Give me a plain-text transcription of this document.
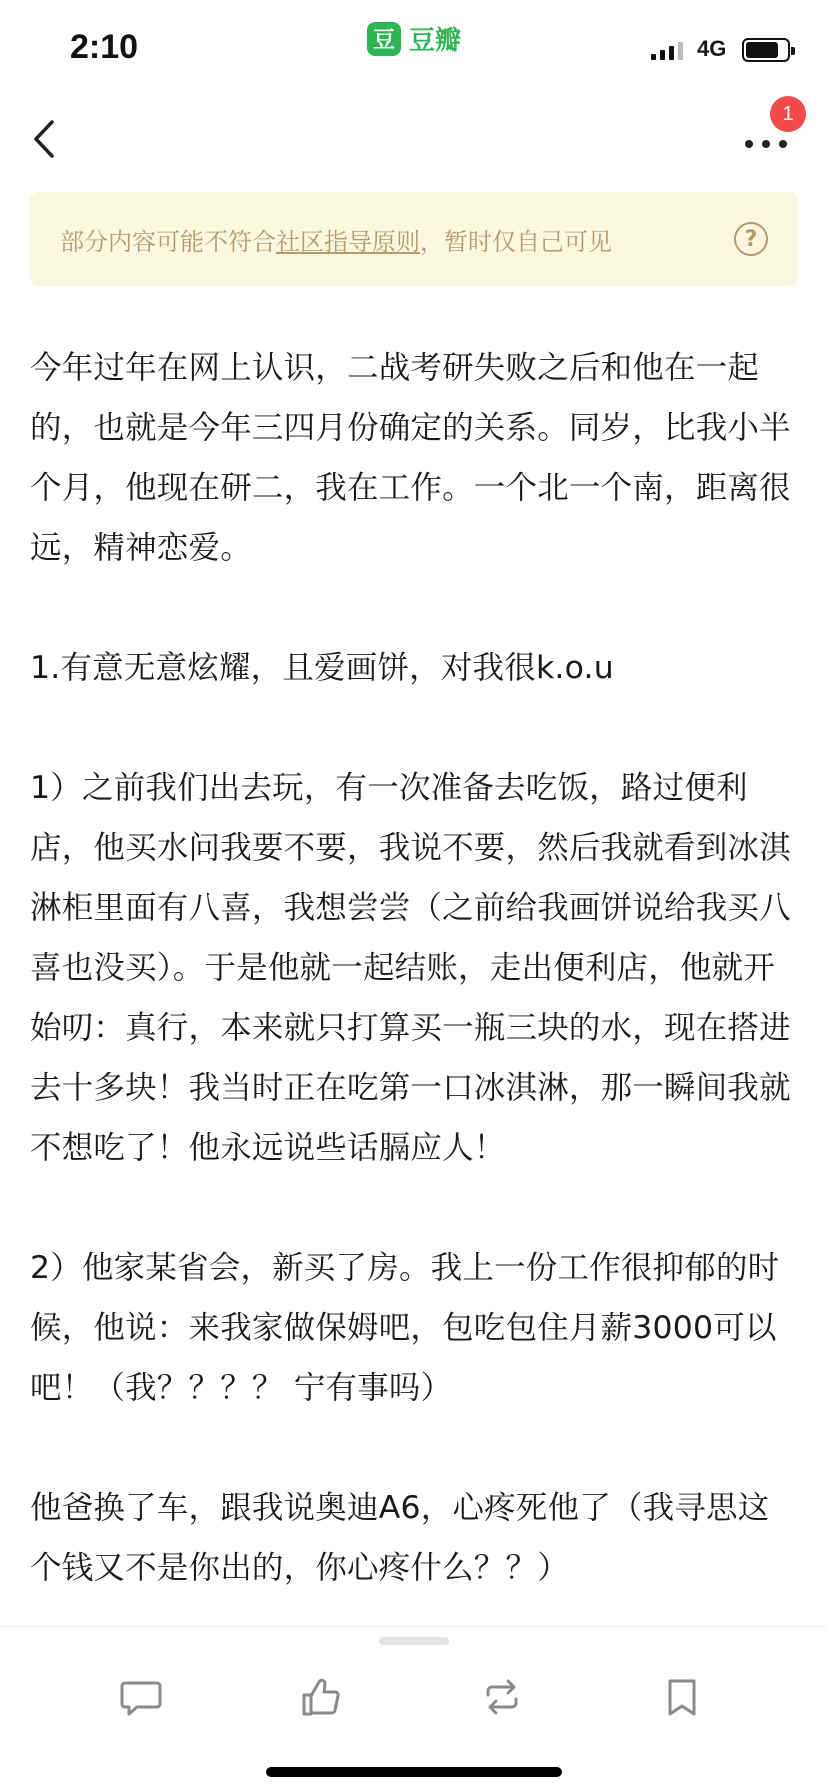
2:10	豆 豆瓣	4G
1
部分内容可能不符合社区指导原则，暂时仅自己可见	?

今年过年在网上认识，二战考研失败之后和他在一起的，也就是今年三四月份确定的关系。同岁，比我小半个月，他现在研二，我在工作。一个北一个南，距离很远，精神恋爱。

1.有意无意炫耀，且爱画饼，对我很k.o.u

1）之前我们出去玩，有一次准备去吃饭，路过便利店，他买水问我要不要，我说不要，然后我就看到冰淇淋柜里面有八喜，我想尝尝（之前给我画饼说给我买八喜也没买）。于是他就一起结账，走出便利店，他就开始叨：真行，本来就只打算买一瓶三块的水，现在搭进去十多块！我当时正在吃第一口冰淇淋，那一瞬间我就不想吃了！他永远说些话膈应人！

2）他家某省会，新买了房。我上一份工作很抑郁的时候，他说：来我家做保姆吧，包吃包住月薪3000可以吧！（我？？？？ 宁有事吗）

他爸换了车，跟我说奥迪A6，心疼死他了（我寻思这个钱又不是你出的，你心疼什么？？）
